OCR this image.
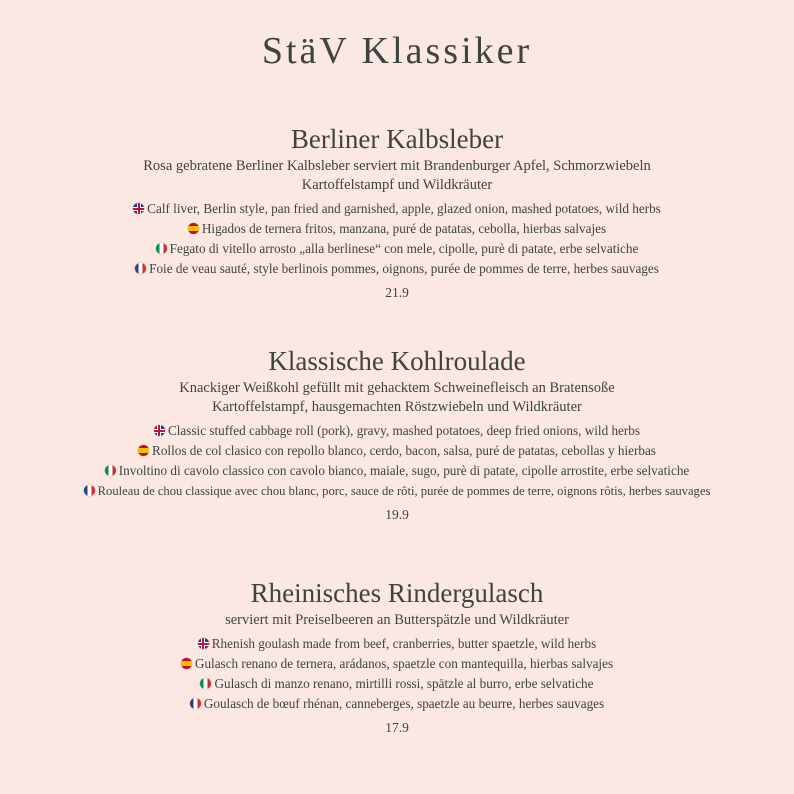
StäV Klassiker
Berliner Kalbsleber
Rosa gebratene Berliner Kalbsleber serviert mit Brandenburger Apfel, Schmorzwiebeln Kartoffelstampf und Wildkräuter
Calf liver, Berlin style, pan fried and garnished, apple, glazed onion, mashed potatoes, wild herbs
Higados de ternera fritos, manzana, puré de patatas, cebolla, hierbas salvajes
Fegato di vitello arrosto „alla berlinese“ con mele, cipolle, purè di patate, erbe selvatiche
Foie de veau sauté, style berlinois pommes, oignons, purée de pommes de terre, herbes sauvages
21.9
Klassische Kohlroulade
Knackiger Weißkohl gefüllt mit gehacktem Schweinefleisch an Bratensoße Kartoffelstampf, hausgemachten Röstzwiebeln und Wildkräuter
Classic stuffed cabbage roll (pork), gravy, mashed potatoes, deep fried onions, wild herbs
Rollos de col clasico con repollo blanco, cerdo, bacon, salsa, puré de patatas, cebollas y hierbas
Involtino di cavolo classico con cavolo bianco, maiale, sugo, purè di patate, cipolle arrostite, erbe selvatiche
Rouleau de chou classique avec chou blanc, porc, sauce de rôti, purée de pommes de terre, oignons rôtis, herbes sauvages
19.9
Rheinisches Rindergulasch
serviert mit Preiselbeeren an Butterspätzle und Wildkräuter
Rhenish goulash made from beef, cranberries, butter spaetzle, wild herbs
Gulasch renano de ternera, arádanos, spaetzle con mantequilla, hierbas salvajes
Gulasch di manzo renano, mirtilli rossi, spätzle al burro, erbe selvatiche
Goulasch de bœuf rhénan, canneberges, spaetzle au beurre, herbes sauvages
17.9
